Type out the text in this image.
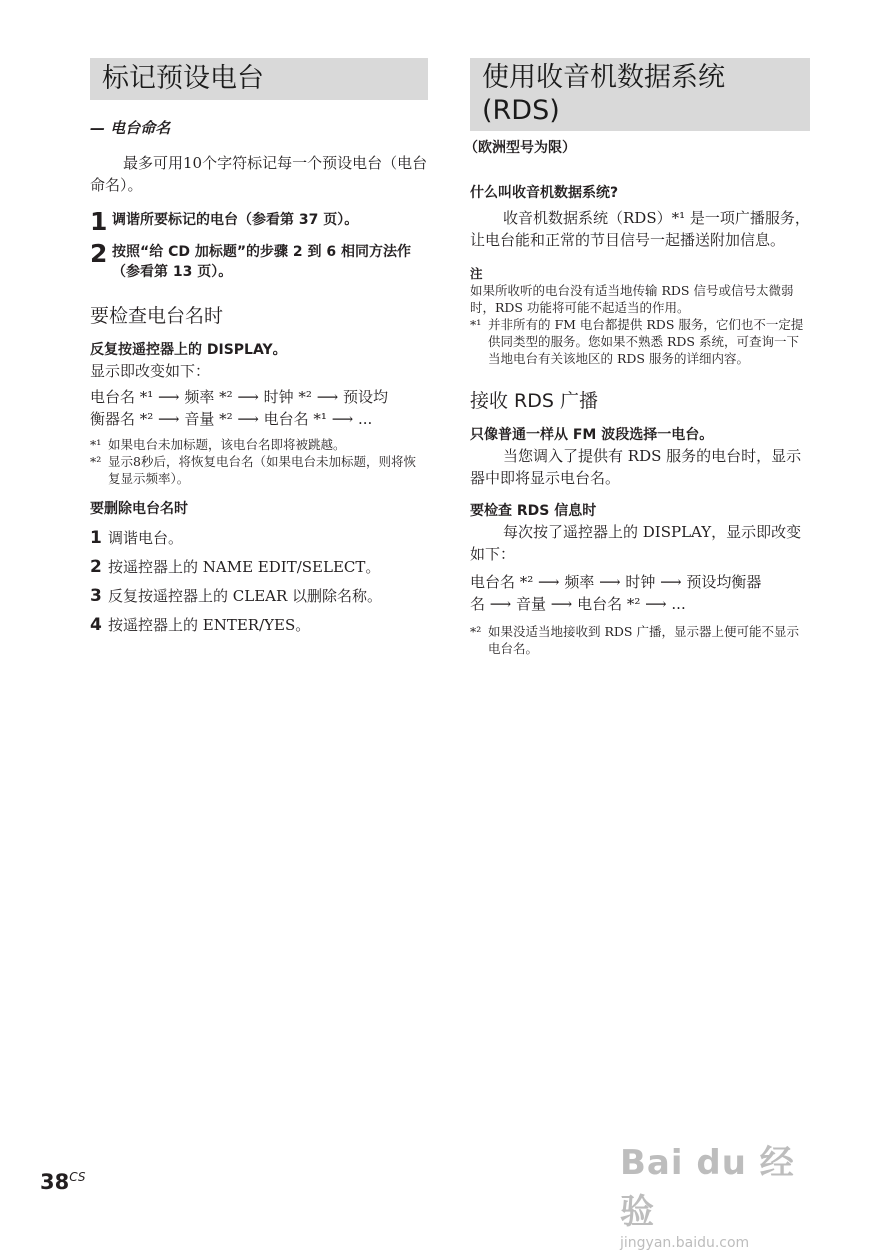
标记预设电台
— 电台命名

最多可用10个字符标记每一个预设电台（电台命名）。

1 调谐所要标记的电台（参看第 37 页）。
2 按照“给 CD 加标题”的步骤 2 到 6 相同方法作（参看第 13 页）。
要检查电台名时
反复按遥控器上的 DISPLAY。
显示即改变如下：
电台名 *¹ ⟶ 频率 *² ⟶ 时钟 *² ⟶ 预设均
衡器名 *² ⟶ 音量 *² ⟶ 电台名 *¹ ⟶ ...
*¹ 如果电台未加标题，该电台名即将被跳越。
*² 显示8秒后，将恢复电台名（如果电台未加标题，则将恢复显示频率）。
要删除电台名时
1 调谐电台。
2 按遥控器上的 NAME EDIT/SELECT。
3 反复按遥控器上的 CLEAR 以删除名称。
4 按遥控器上的 ENTER/YES。
使用收音机数据系统
(RDS)
（欧洲型号为限）
什么叫收音机数据系统?

收音机数据系统（RDS）*¹ 是一项广播服务，让电台能和正常的节目信号一起播送附加信息。

注
如果所收听的电台没有适当地传输 RDS 信号或信号太微弱时，RDS 功能将可能不起适当的作用。
*¹ 并非所有的 FM 电台都提供 RDS 服务，它们也不一定提供同类型的服务。您如果不熟悉 RDS 系统，可查询一下当地电台有关该地区的 RDS 服务的详细内容。
接收 RDS 广播
只像普通一样从 FM 波段选择一电台。

当您调入了提供有 RDS 服务的电台时，显示器中即将显示电台名。

要检查 RDS 信息时

每次按了遥控器上的 DISPLAY，显示即改变如下：

电台名 *² ⟶ 频率 ⟶ 时钟 ⟶ 预设均衡器
名 ⟶ 音量 ⟶ 电台名 *² ⟶ ...
*² 如果没适当地接收到 RDS 广播，显示器上便可能不显示电台名。
$38^{CS}$	Bai du 经验
jingyan.baidu.com
